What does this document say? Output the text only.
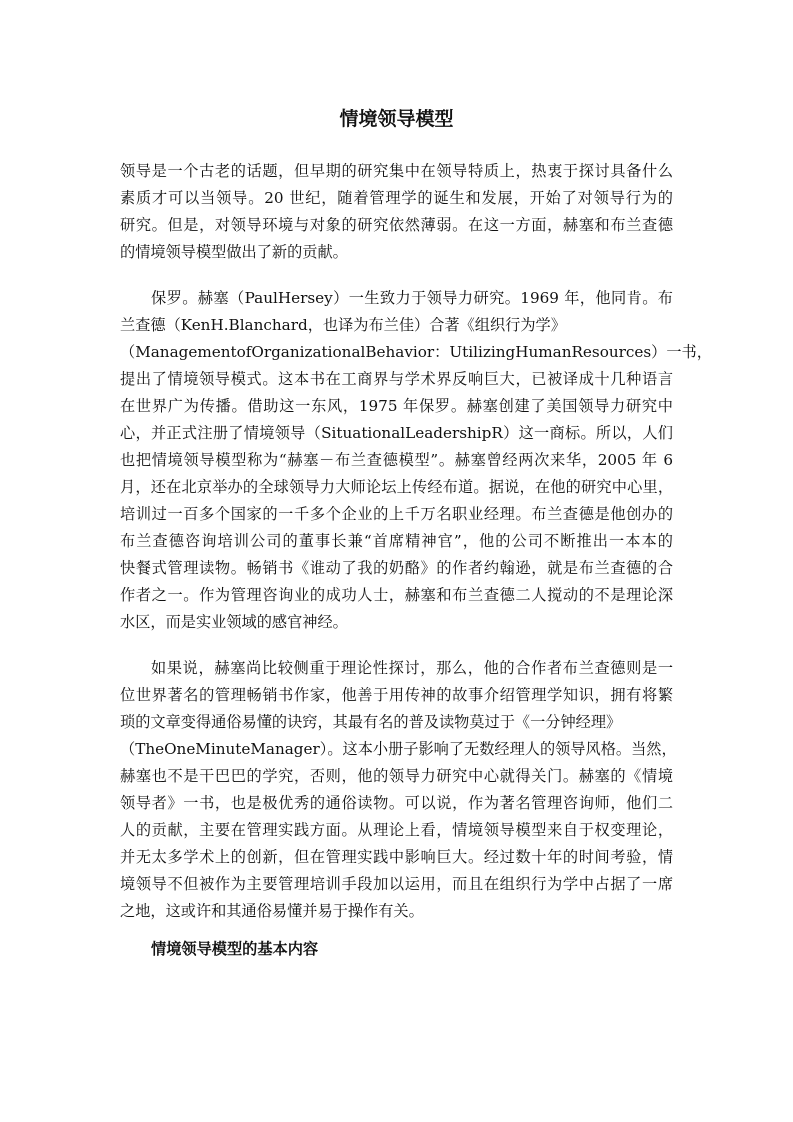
情境领导模型
领导是一个古老的话题，但早期的研究集中在领导特质上，热衷于探讨具备什么
素质才可以当领导。20 世纪，随着管理学的诞生和发展，开始了对领导行为的
研究。但是，对领导环境与对象的研究依然薄弱。在这一方面，赫塞和布兰查德
的情境领导模型做出了新的贡献。
保罗。赫塞（PaulHersey）一生致力于领导力研究。1969 年，他同肯。布
兰查德（KenH.Blanchard，也译为布兰佳）合著《组织行为学》
（ManagementofOrganizationalBehavior：UtilizingHumanResources）一书，
提出了情境领导模式。这本书在工商界与学术界反响巨大，已被译成十几种语言
在世界广为传播。借助这一东风，1975 年保罗。赫塞创建了美国领导力研究中
心，并正式注册了情境领导（SituationalLeadershipR）这一商标。所以，人们
也把情境领导模型称为“赫塞－布兰查德模型”。赫塞曾经两次来华，2005 年 6
月，还在北京举办的全球领导力大师论坛上传经布道。据说，在他的研究中心里，
培训过一百多个国家的一千多个企业的上千万名职业经理。布兰查德是他创办的
布兰查德咨询培训公司的董事长兼“首席精神官”，他的公司不断推出一本本的
快餐式管理读物。畅销书《谁动了我的奶酪》的作者约翰逊，就是布兰查德的合
作者之一。作为管理咨询业的成功人士，赫塞和布兰查德二人搅动的不是理论深
水区，而是实业领域的感官神经。
如果说，赫塞尚比较侧重于理论性探讨，那么，他的合作者布兰查德则是一
位世界著名的管理畅销书作家，他善于用传神的故事介绍管理学知识，拥有将繁
琐的文章变得通俗易懂的诀窍，其最有名的普及读物莫过于《一分钟经理》
（TheOneMinuteManager）。这本小册子影响了无数经理人的领导风格。当然，
赫塞也不是干巴巴的学究，否则，他的领导力研究中心就得关门。赫塞的《情境
领导者》一书，也是极优秀的通俗读物。可以说，作为著名管理咨询师，他们二
人的贡献，主要在管理实践方面。从理论上看，情境领导模型来自于权变理论，
并无太多学术上的创新，但在管理实践中影响巨大。经过数十年的时间考验，情
境领导不但被作为主要管理培训手段加以运用，而且在组织行为学中占据了一席
之地，这或许和其通俗易懂并易于操作有关。
情境领导模型的基本内容
